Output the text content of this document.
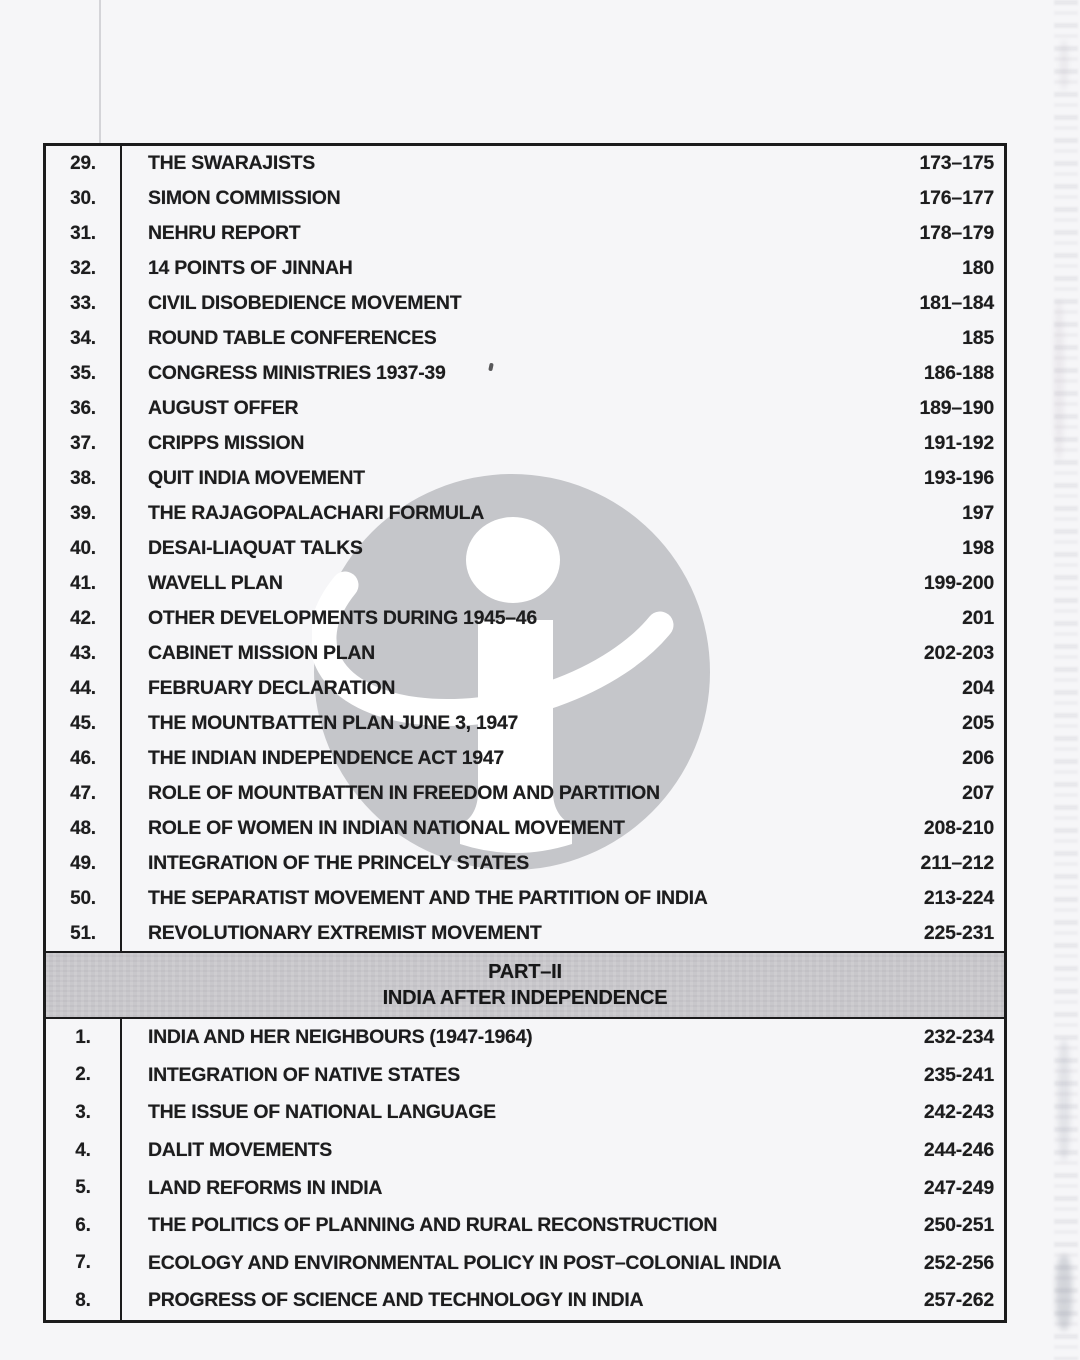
29.	THE SWARAJISTS	173–175
30.	SIMON COMMISSION	176–177
31.	NEHRU REPORT	178–179
32.	14 POINTS OF JINNAH	180
33.	CIVIL DISOBEDIENCE MOVEMENT	181–184
34.	ROUND TABLE CONFERENCES	185
35.	CONGRESS MINISTRIES 1937-39	186-188
36.	AUGUST OFFER	189–190
37.	CRIPPS MISSION	191-192
38.	QUIT INDIA MOVEMENT	193-196
39.	THE RAJAGOPALACHARI FORMULA	197
40.	DESAI-LIAQUAT TALKS	198
41.	WAVELL PLAN	199-200
42.	OTHER DEVELOPMENTS DURING 1945–46	201
43.	CABINET MISSION PLAN	202-203
44.	FEBRUARY DECLARATION	204
45.	THE MOUNTBATTEN PLAN JUNE 3, 1947	205
46.	THE INDIAN INDEPENDENCE ACT 1947	206
47.	ROLE OF MOUNTBATTEN IN FREEDOM AND PARTITION	207
48.	ROLE OF WOMEN IN INDIAN NATIONAL MOVEMENT	208-210
49.	INTEGRATION OF THE PRINCELY STATES	211–212
50.	THE SEPARATIST MOVEMENT AND THE PARTITION OF INDIA	213-224
51.	REVOLUTIONARY EXTREMIST MOVEMENT	225-231
PART–II
INDIA AFTER INDEPENDENCE
1.	INDIA AND HER NEIGHBOURS (1947-1964)	232-234
2.	INTEGRATION OF NATIVE STATES	235-241
3.	THE ISSUE OF NATIONAL LANGUAGE	242-243
4.	DALIT MOVEMENTS	244-246
5.	LAND REFORMS IN INDIA	247-249
6.	THE POLITICS OF PLANNING AND RURAL RECONSTRUCTION	250-251
7.	ECOLOGY AND ENVIRONMENTAL POLICY IN POST–COLONIAL INDIA	252-256
8.	PROGRESS OF SCIENCE AND TECHNOLOGY IN INDIA	257-262
